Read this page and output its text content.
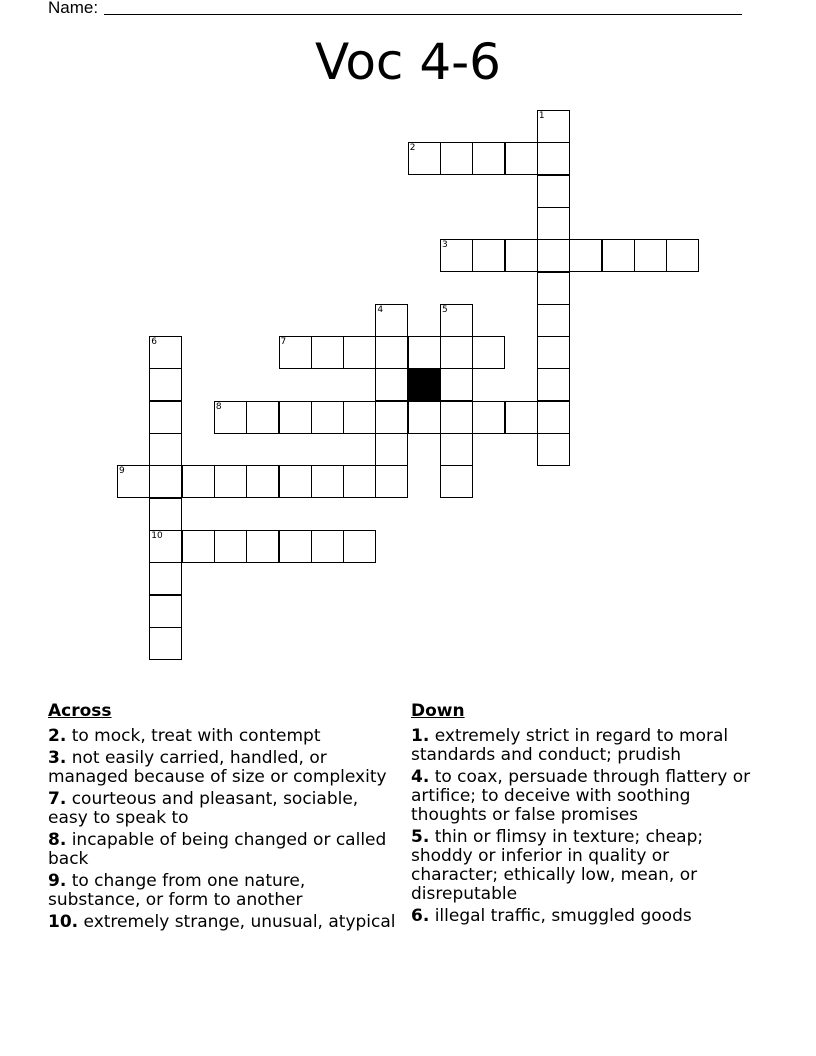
Name:
Voc 4-6
1
2
3
4	5
6
10
7
8
9
Across
2. to mock, treat with contempt
3. not easily carried, handled, or managed because of size or complexity
7. courteous and pleasant, sociable, easy to speak to
8. incapable of being changed or called back
9. to change from one nature, substance, or form to another
10. extremely strange, unusual, atypical
Down
1. extremely strict in regard to moral standards and conduct; prudish
4. to coax, persuade through flattery or artifice; to deceive with soothing thoughts or false promises
5. thin or flimsy in texture; cheap; shoddy or inferior in quality or character; ethically low, mean, or disreputable
6. illegal traffic, smuggled goods
